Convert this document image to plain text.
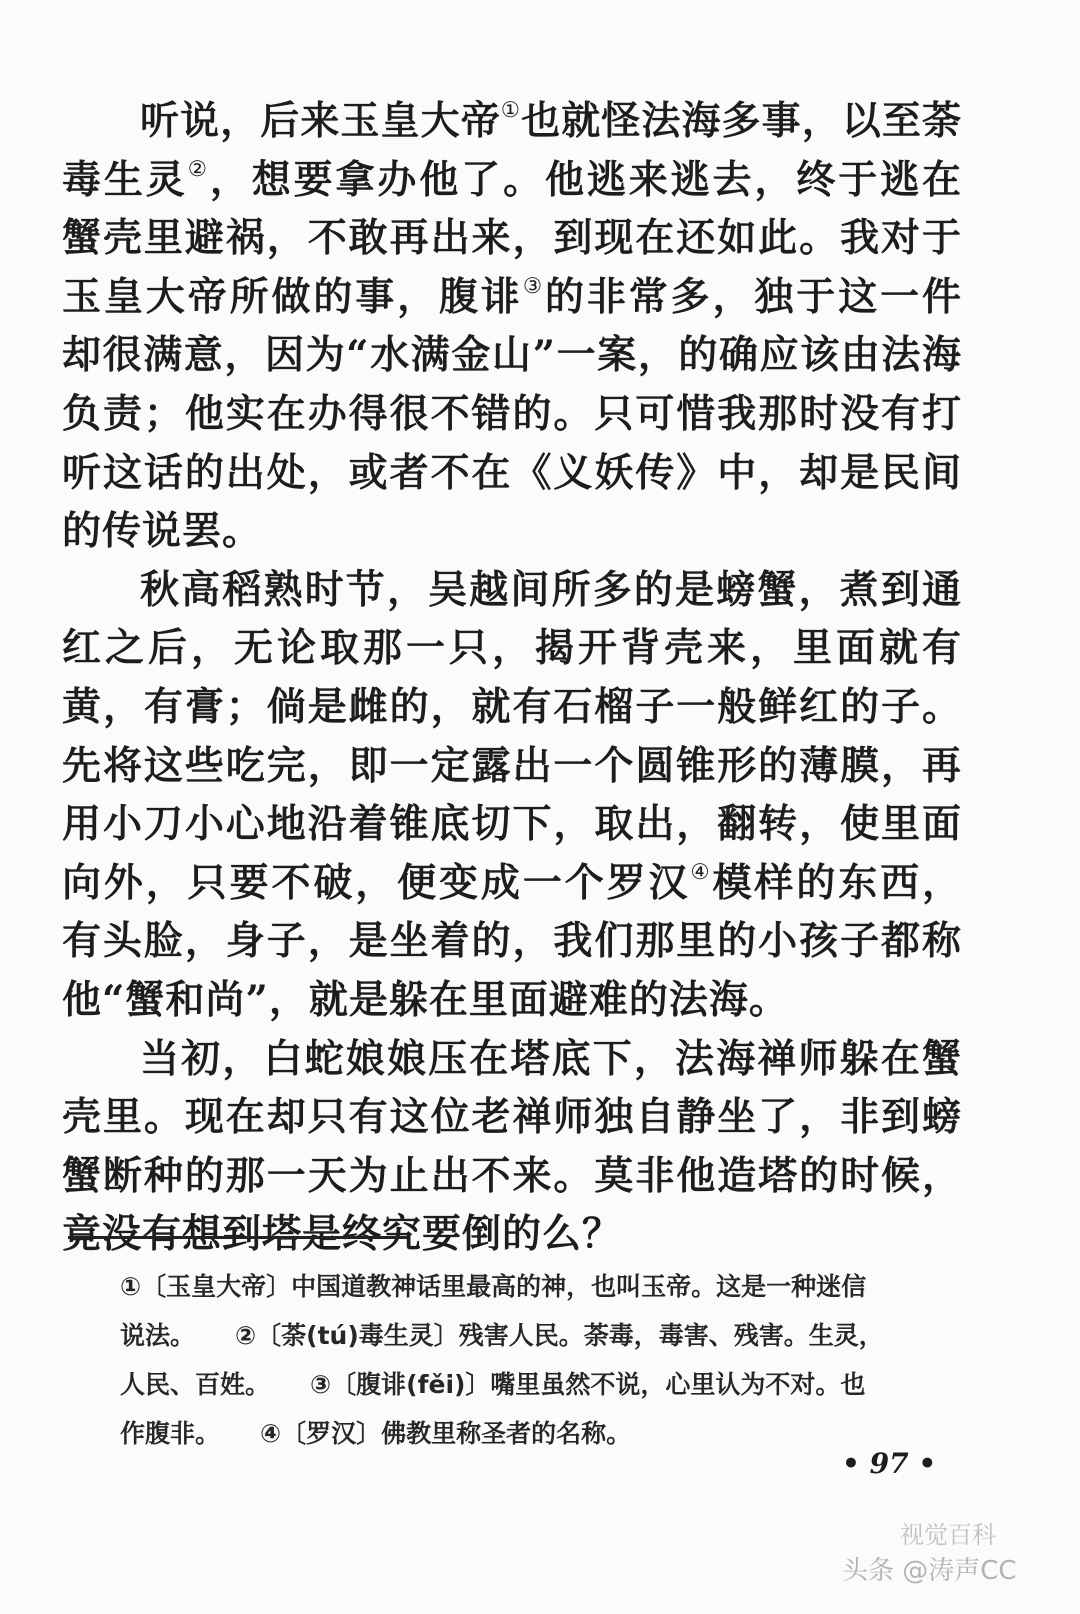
听说，后来玉皇大帝①也就怪法海多事，以至荼毒生灵②，想要拿办他了。他逃来逃去，终于逃在蟹壳里避祸，不敢再出来，到现在还如此。我对于玉皇大帝所做的事，腹诽③的非常多，独于这一件却很满意，因为“水满金山”一案，的确应该由法海负责；他实在办得很不错的。只可惜我那时没有打听这话的出处，或者不在《义妖传》中，却是民间的传说罢。

秋高稻熟时节，吴越间所多的是螃蟹，煮到通红之后，无论取那一只，揭开背壳来，里面就有黄，有膏；倘是雌的，就有石榴子一般鲜红的子。先将这些吃完，即一定露出一个圆锥形的薄膜，再用小刀小心地沿着锥底切下，取出，翻转，使里面向外，只要不破，便变成一个罗汉④模样的东西，有头脸，身子，是坐着的，我们那里的小孩子都称他“蟹和尚”，就是躲在里面避难的法海。

当初，白蛇娘娘压在塔底下，法海禅师躲在蟹壳里。现在却只有这位老禅师独自静坐了，非到螃蟹断种的那一天为止出不来。莫非他造塔的时候，竟没有想到塔是终究要倒的么？

①〔玉皇大帝〕中国道教神话里最高的神，也叫玉帝。这是一种迷信
说法。 ②〔荼(tú)毒生灵〕残害人民。荼毒，毒害、残害。生灵，
人民、百姓。 ③〔腹诽(fěi)〕嘴里虽然不说，心里认为不对。也
作腹非。 ④〔罗汉〕佛教里称圣者的名称。
• 97 •
视觉百科
头条 @涛声CC
